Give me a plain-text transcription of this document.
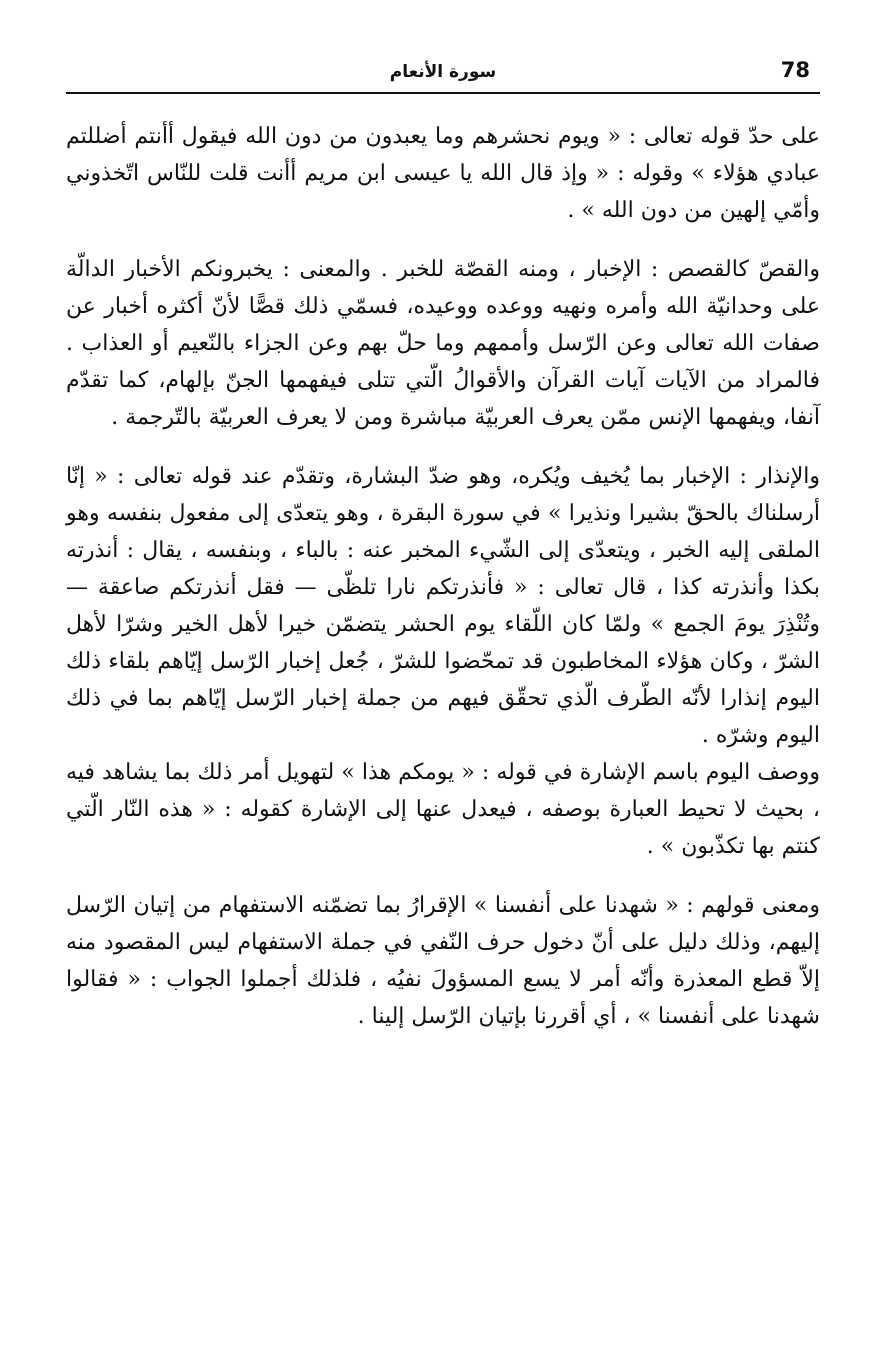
78
سورة الأنعام

على حدّ قوله تعالى : « ويوم نحشرهم وما يعبدون من دون الله فيقول أأنتم أضللتم عبادي هؤلاء » وقوله : « وإذ قال الله يا عيسى ابن مريم أأنت قلت للنّاس اتّخذوني وأمّي إلهين من دون الله » .

والقصّ كالقصص : الإخبار ، ومنه القصّة للخبر . والمعنى : يخبرونكم الأخبار الدالّة على وحدانيّة الله وأمره ونهيه ووعده ووعيده، فسمّي ذلك قصًّا لأنّ أكثره أخبار عن صفات الله تعالى وعن الرّسل وأممهم وما حلّ بهم وعن الجزاء بالنّعيم أو العذاب . فالمراد من الآيات آيات القرآن والأقوالُ الّتي تتلى فيفهمها الجنّ بإلهام، كما تقدّم آنفا، ويفهمها الإنس ممّن يعرف العربيّة مباشرة ومن لا يعرف العربيّة بالتّرجمة .

والإنذار : الإخبار بما يُخيف ويُكره، وهو ضدّ البشارة، وتقدّم عند قوله تعالى : « إنّا أرسلناك بالحقّ بشيرا ونذيرا » في سورة البقرة ، وهو يتعدّى إلى مفعول بنفسه وهو الملقى إليه الخبر ، ويتعدّى إلى الشّيء المخبر عنه : بالباء ، وبنفسه ، يقال : أنذرته بكذا وأنذرته كذا ، قال تعالى : « فأنذرتكم نارا تلظّى — فقل أنذرتكم صاعقة — وتُنْذِرَ يومَ الجمع » ولمّا كان اللّقاء يوم الحشر يتضمّن خيرا لأهل الخير وشرّا لأهل الشرّ ، وكان هؤلاء المخاطبون قد تمحّضوا للشرّ ، جُعل إخبار الرّسل إيّاهم بلقاء ذلك اليوم إنذارا لأنّه الطّرف الّذي تحقّق فيهم من جملة إخبار الرّسل إيّاهم بما في ذلك اليوم وشرّه .

ووصف اليوم باسم الإشارة في قوله : « يومكم هذا » لتهويل أمر ذلك بما يشاهد فيه ، بحيث لا تحيط العبارة بوصفه ، فيعدل عنها إلى الإشارة كقوله : « هذه النّار الّتي كنتم بها تكذّبون » .

ومعنى قولهم : « شهدنا على أنفسنا » الإقرارُ بما تضمّنه الاستفهام من إتيان الرّسل إليهم، وذلك دليل على أنّ دخول حرف النّفي في جملة الاستفهام ليس المقصود منه إلاّ قطع المعذرة وأنّه أمر لا يسع المسؤولَ نفيُه ، فلذلك أجملوا الجواب : « فقالوا شهدنا على أنفسنا » ، أي أقررنا بإتيان الرّسل إلينا .
